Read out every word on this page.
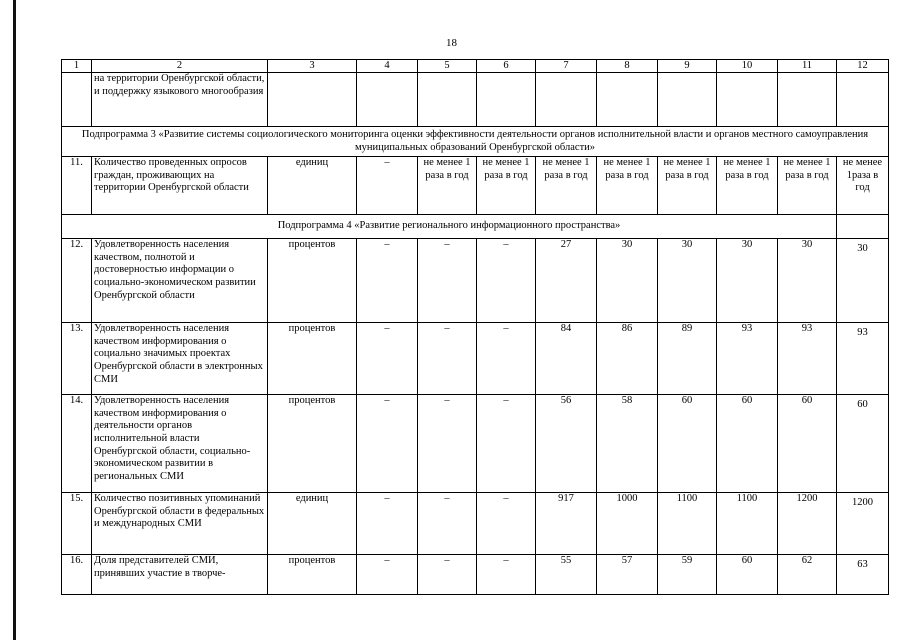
18
1	2	3	4	5	6	7	8	9	10	11	12
	на территории Оренбургской области, и поддержку языкового многообразия										
Подпрограмма 3 «Развитие системы социологического мониторинга оценки эффективности деятельности органов исполнительной власти и органов местного самоуправления муниципальных образований Оренбургской области»											
11.	Количество проведенных опросов граждан, проживающих на территории Оренбургской области	единиц	–	не менее 1 раза в год	не менее 1 раза в год	не менее 1 раза в год	не менее 1 раза в год	не менее 1 раза в год	не менее 1 раза в год	не менее 1 раза в год	не менее 1раза в год
Подпрограмма 4 «Развитие регионального информационного пространства»											
12.	Удовлетворенность населения качеством, полнотой и достоверностью информации о социально-экономическом развитии Оренбургской области	процентов	–	–	–	27	30	30	30	30	30
13.	Удовлетворенность населения качеством информирования о социально значимых проектах Оренбургской области в электронных СМИ	процентов	–	–	–	84	86	89	93	93	93
14.	Удовлетворенность населения качеством информирования о деятельности органов исполнительной власти Оренбургской области, социально-экономическом развитии в региональных СМИ	процентов	–	–	–	56	58	60	60	60	60
15.	Количество позитивных упоминаний Оренбургской области в федеральных и международных СМИ	единиц	–	–	–	917	1000	1100	1100	1200	1200
16.	Доля представителей СМИ, принявших участие в творче-	процентов	–	–	–	55	57	59	60	62	63
